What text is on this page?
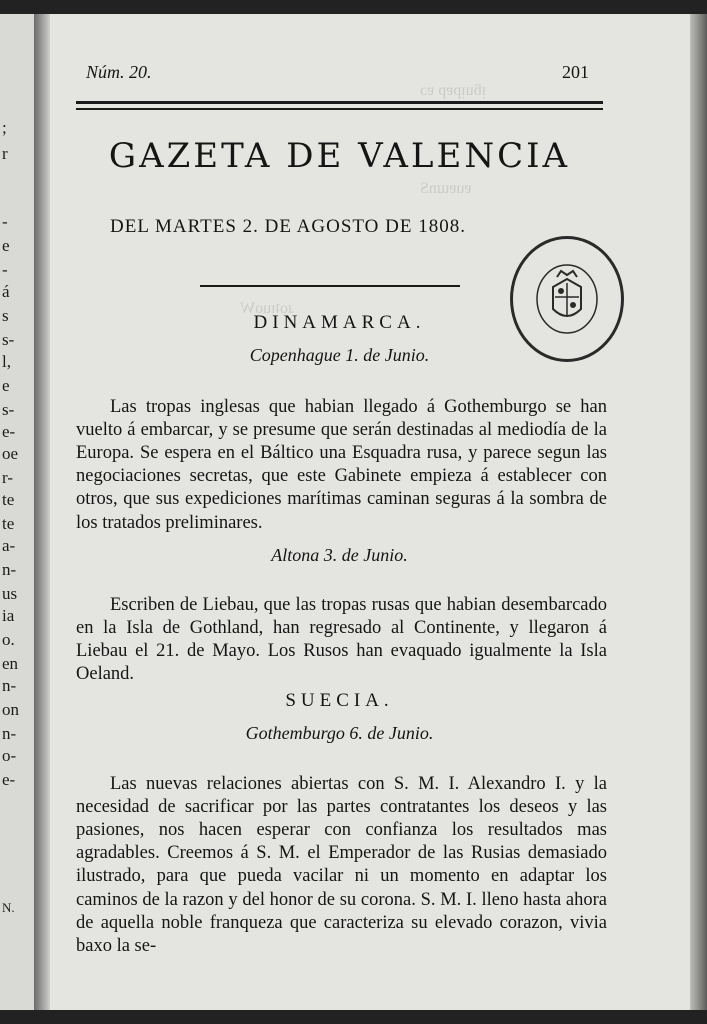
;
r
-
e
-
á
s
s-
l,
e
s-
e-
oe
r-
te
te
a-
n-
us
ia
o.
en
n-
on
n-
o-
e-
N.
ᴉƃuᴉpɐp ɐɔ
ɐuɐɯnS
ɹoʇᴉuoW
Núm. 20.	201
GAZETA DE VALENCIA
DEL MARTES 2. DE AGOSTO DE 1808.
DINAMARCA.
Copenhague 1. de Junio.

Las tropas inglesas que habian llegado á Gothemburgo se han vuelto á embarcar, y se presume que serán destinadas al mediodía de la Europa. Se espera en el Báltico una Esquadra rusa, y parece segun las negociaciones secretas, que este Gabinete empieza á establecer con otros, que sus expediciones marítimas caminan seguras á la sombra de los tratados preliminares.

Altona 3. de Junio.

Escriben de Liebau, que las tropas rusas que habian desembarcado en la Isla de Gothland, han regresado al Continente, y llegaron á Liebau el 21. de Mayo. Los Rusos han evaquado igualmente la Isla Oeland.

SUECIA.
Gothemburgo 6. de Junio.

Las nuevas relaciones abiertas con S. M. I. Alexandro I. y la necesidad de sacrificar por las partes contratantes los deseos y las pasiones, nos hacen esperar con confianza los resultados mas agradables. Creemos á S. M. el Emperador de las Rusias demasiado ilustrado, para que pueda vacilar ni un momento en adaptar los caminos de la razon y del honor de su corona. S. M. I. lleno hasta ahora de aquella noble franqueza que caracteriza su elevado corazon, vivia baxo la se-
